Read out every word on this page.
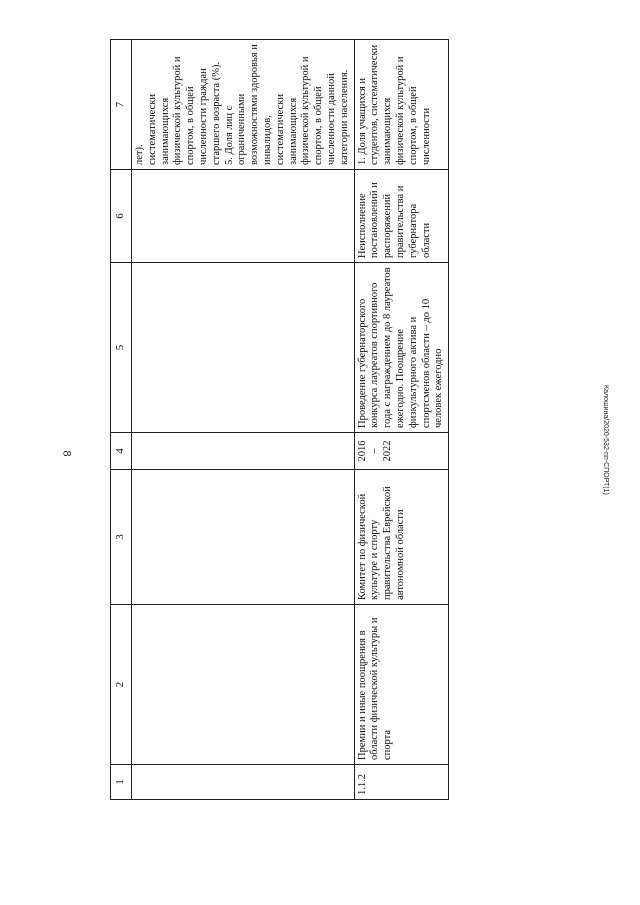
8	Калошина/2020-532-пп-СПОРТ(1)
1	2	3	4	5	6	7
						лет).
систематически занимающихся физической культурой и спортом, в общей численности граждан старшего возраста (%).
5. Доля лиц с ограниченными возможностями здоровья и инвалидов, систематически занимающихся физической культурой и спортом, в общей численности данной категории населения.
1.1.2	Премии и иные поощрения в области физической культуры и спорта	Комитет по физической культуре и спорту правительства Еврейской автономной области	2016 – 2022	Проведение губернаторского конкурса лауреатов спортивного года с награждением до 8 лауреатов ежегодно. Поощрение физкультурного актива и спортсменов области – до 10 человек ежегодно	Неисполнение постановлений и распоряжений правительства и губернатора области	1. Доля учащихся и студентов, систематически занимающихся физической культурой и спортом, в общей численности
